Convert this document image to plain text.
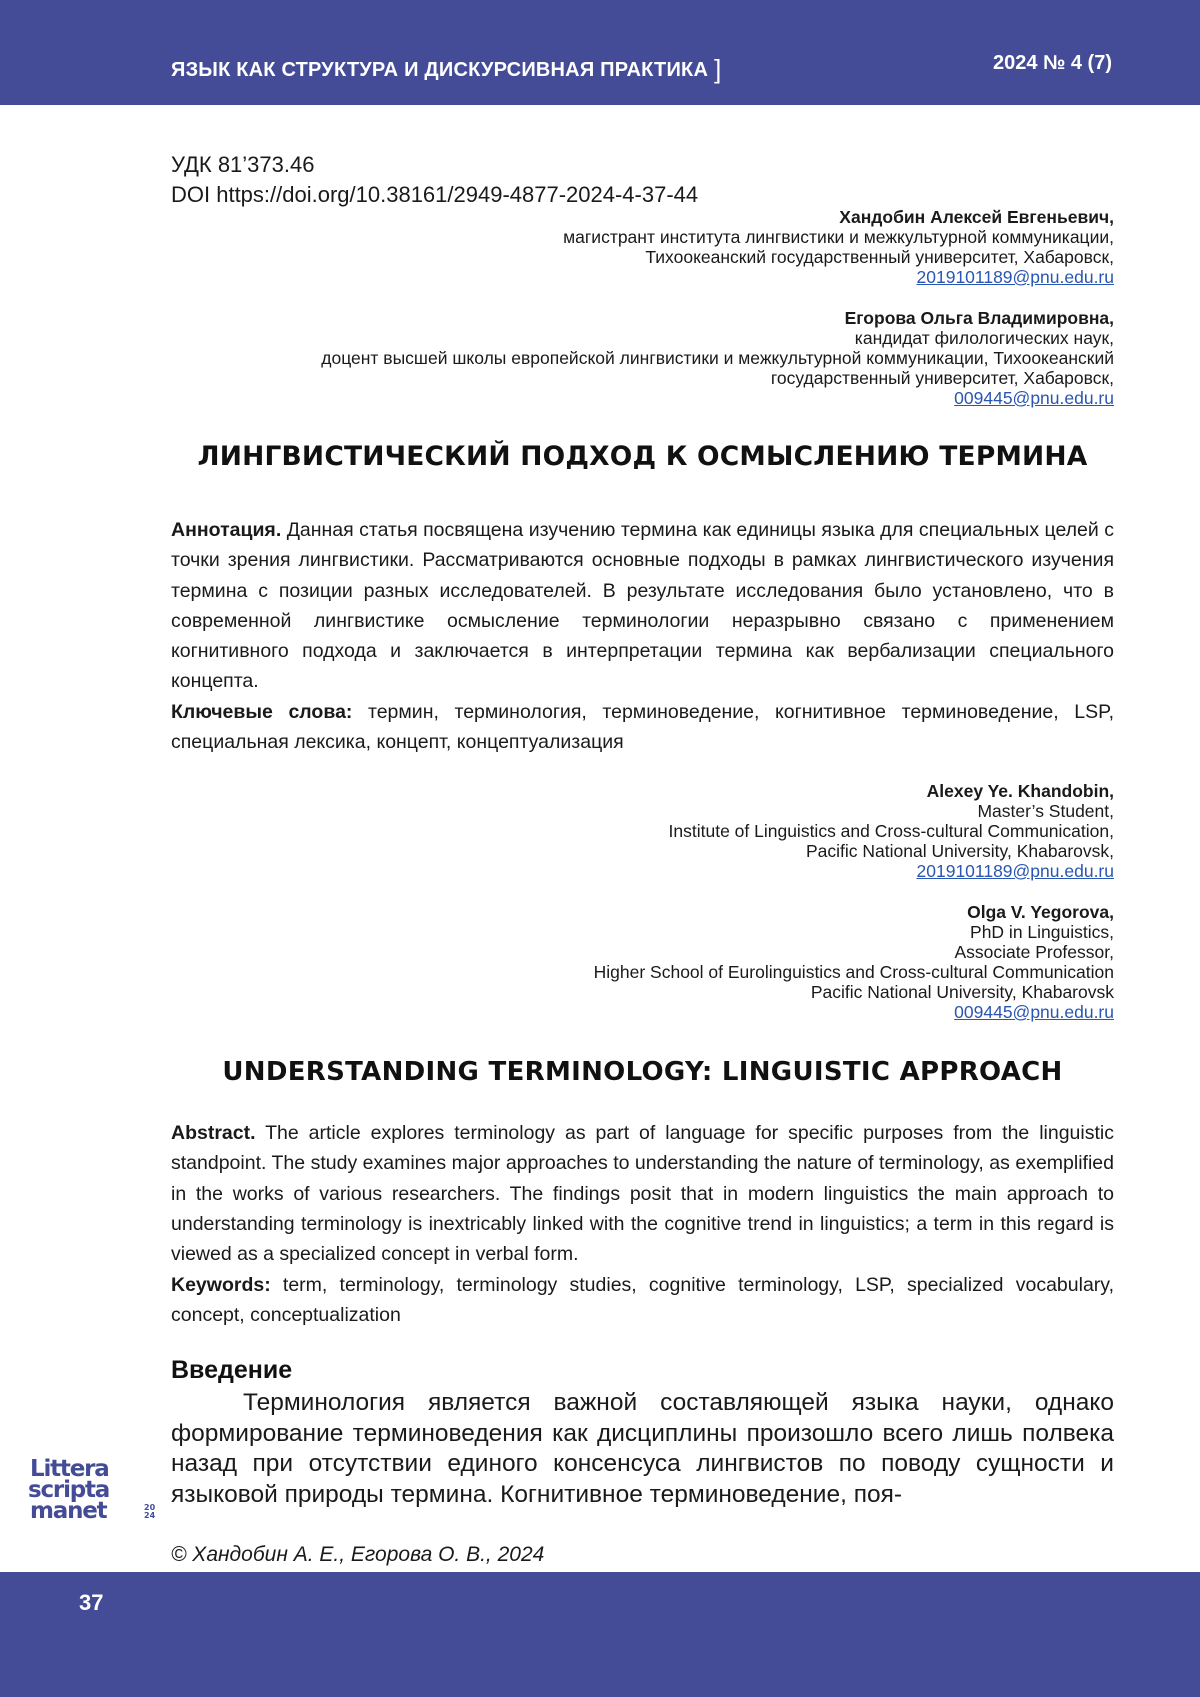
ЯЗЫК КАК СТРУКТУРА И ДИСКУРСИВНАЯ ПРАКТИКА ]	2024 № 4 (7)
УДК 81’373.46
DOI https://doi.org/10.38161/2949-4877-2024-4-37-44
Хандобин Алексей Евгеньевич,
магистрант института лингвистики и межкультурной коммуникации,
Тихоокеанский государственный университет, Хабаровск,
2019101189@pnu.edu.ru
Егорова Ольга Владимировна,
кандидат филологических наук,
доцент высшей школы европейской лингвистики и межкультурной коммуникации, Тихоокеанский
государственный университет, Хабаровск,
009445@pnu.edu.ru
ЛИНГВИСТИЧЕСКИЙ ПОДХОД К ОСМЫСЛЕНИЮ ТЕРМИНА

Аннотация. Данная статья посвящена изучению термина как единицы языка для специальных целей с точки зрения лингвистики. Рассматриваются основные подходы в рамках лингвистического изучения термина с позиции разных исследователей. В результате исследования было установлено, что в современной лингвистике осмысление терминологии неразрывно связано с применением когнитивного подхода и заключается в интерпретации термина как вербализации специального концепта.

Ключевые слова: термин, терминология, терминоведение, когнитивное терминоведение, LSP, специальная лексика, концепт, концептуализация

Alexey Ye. Khandobin,
Master’s Student,
Institute of Linguistics and Cross-cultural Communication,
Pacific National University, Khabarovsk,
2019101189@pnu.edu.ru
Olga V. Yegorova,
PhD in Linguistics,
Associate Professor,
Higher School of Eurolinguistics and Cross-cultural Communication
Pacific National University, Khabarovsk
009445@pnu.edu.ru
UNDERSTANDING TERMINOLOGY: LINGUISTIC APPROACH

Abstract. The article explores terminology as part of language for specific purposes from the linguistic standpoint. The study examines major approaches to understanding the nature of terminology, as exemplified in the works of various researchers. The findings posit that in modern linguistics the main approach to understanding terminology is inextricably linked with the cognitive trend in linguistics; a term in this regard is viewed as a specialized concept in verbal form.

Keywords: term, terminology, terminology studies, cognitive terminology, LSP, specialized vocabulary, concept, conceptualization

Введение

Терминология является важной составляющей языка науки, однако формирование терминоведения как дисциплины произошло всего лишь полвека назад при отсутствии единого консенсуса лингвистов по поводу сущности и языковой природы термина. Когнитивное терминоведение, поя-

Littera
scripta
manet	20
24
© Хандобин А. Е., Егорова О. В., 2024
37
